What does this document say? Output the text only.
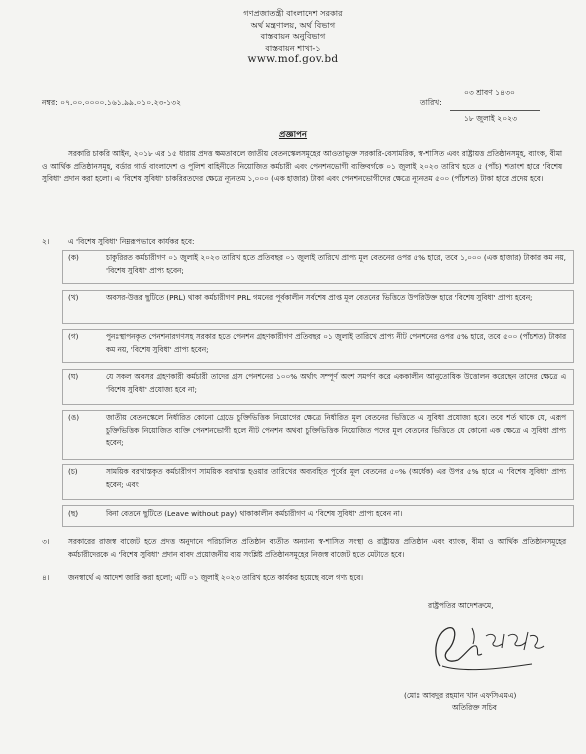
গণপ্রজাতন্ত্রী বাংলাদেশ সরকার
অর্থ মন্ত্রণালয়, অর্থ বিভাগ
বাস্তবায়ন অনুবিভাগ
বাস্তবায়ন শাখা-১
www.mof.gov.bd
নম্বর: ০৭.০০.০০০০.১৬১.৯৯.০১০.২৩-১৩২
০৩ শ্রাবণ ১৪৩০
তারিখ:
১৮ জুলাই ২০২৩
প্রজ্ঞাপন
সরকারি চাকরি আইন, ২০১৮ এর ১৫ ধারায় প্রদত্ত ক্ষমতাবলে জাতীয় বেতনস্কেলসমূহের আওতাভুক্ত সরকারি-বেসামরিক, স্ব-শাসিত এবং রাষ্ট্রায়ত্ত প্রতিষ্ঠানসমূহ, ব্যাংক, বীমা ও আর্থিক প্রতিষ্ঠানসমূহ, বর্ডার গার্ড বাংলাদেশ ও পুলিশ বাহিনীতে নিয়োজিত কর্মচারী এবং পেনশনভোগী ব্যক্তিবর্গকে ০১ জুলাই ২০২৩ তারিখ হতে ৫ (পাঁচ) শতাংশ হারে 'বিশেষ সুবিধা' প্রদান করা হলো। এ 'বিশেষ সুবিধা' চাকরিরতদের ক্ষেত্রে ন্যূনতম ১,০০০ (এক হাজার) টাকা এবং পেনশনভোগীদের ক্ষেত্রে ন্যূনতম ৫০০ (পাঁচশত) টাকা হারে প্রদেয় হবে।
২।	এ 'বিশেষ সুবিধা' নিম্নরূপভাবে কার্যকর হবে:
(ক)	চাকুরিরত কর্মচারীগণ ০১ জুলাই ২০২৩ তারিখ হতে প্রতিবছর ০১ জুলাই তারিখে প্রাপ্য মূল বেতনের ওপর ৫% হারে, তবে ১,০০০ (এক হাজার) টাকার কম নয়, 'বিশেষ সুবিধা' প্রাপ্য হবেন;
(খ)	অবসর-উত্তর ছুটিতে (PRL) থাকা কর্মচারীগণ PRL গমনের পূর্বকালীন সর্বশেষ প্রাপ্ত মূল বেতনের ভিত্তিতে উপরিউক্ত হারে 'বিশেষ সুবিধা' প্রাপ্য হবেন;
(গ)	পুনঃস্থাপনকৃত পেনশনারগণসহ সরকার হতে পেনশন গ্রহণকারীগণ প্রতিবছর ০১ জুলাই তারিখে প্রাপ্য নীট পেনশনের ওপর ৫% হারে, তবে ৫০০ (পাঁচশত) টাকার কম নয়, 'বিশেষ সুবিধা' প্রাপ্য হবেন;
(ঘ)	যে সকল অবসর গ্রহণকারী কর্মচারী তাদের গ্রস পেনশনের ১০০% অর্থাৎ সম্পূর্ণ অংশ সমর্পণ করে এককালীন আনুতোষিক উত্তোলন করেছেন তাদের ক্ষেত্রে এ 'বিশেষ সুবিধা' প্রযোজ্য হবে না;
(ঙ)	জাতীয় বেতনস্কেলে নির্ধারিত কোনো গ্রেডে চুক্তিভিত্তিক নিয়োগের ক্ষেত্রে নির্ধারিত মূল বেতনের ভিত্তিতে এ সুবিধা প্রযোজ্য হবে। তবে শর্ত থাকে যে, এরূপ চুক্তিভিত্তিক নিয়োজিত ব্যক্তি পেনশনভোগী হলে নীট পেনশন অথবা চুক্তিভিত্তিক নিয়োজিত পদের মূল বেতনের ভিত্তিতে যে কোনো এক ক্ষেত্রে এ সুবিধা প্রাপ্য হবেন;
(চ)	সাময়িক বরখাস্তকৃত কর্মচারীগণ সাময়িক বরখাস্ত হওয়ার তারিখের অব্যবহিত পূর্বের মূল বেতনের ৫০% (অর্ধেক) এর উপর ৫% হারে এ 'বিশেষ সুবিধা' প্রাপ্য হবেন; এবং
(ছ)	বিনা বেতনে ছুটিতে (Leave without pay) থাকাকালীন কর্মচারীগণ এ 'বিশেষ সুবিধা' প্রাপ্য হবেন না।
৩।	সরকারের রাজস্ব বাজেট হতে প্রদত্ত অনুদানে পরিচালিত প্রতিষ্ঠান ব্যতীত অন্যান্য স্ব-শাসিত সংস্থা ও রাষ্ট্রায়ত্ত প্রতিষ্ঠান এবং ব্যাংক, বীমা ও আর্থিক প্রতিষ্ঠানসমূহের কর্মচারীদেরকে এ 'বিশেষ সুবিধা' প্রদান বাবদ প্রয়োজনীয় ব্যয় সংশ্লিষ্ট প্রতিষ্ঠানসমূহের নিজস্ব বাজেট হতে মেটাতে হবে।
৪।	জনস্বার্থে এ আদেশ জারি করা হলো; এটি ০১ জুলাই ২০২৩ তারিখ হতে কার্যকর হয়েছে বলে গণ্য হবে।
রাষ্ট্রপতির আদেশক্রমে,
(মোঃ আবদুর রহমান খান এফসিএমএ)
অতিরিক্ত সচিব
